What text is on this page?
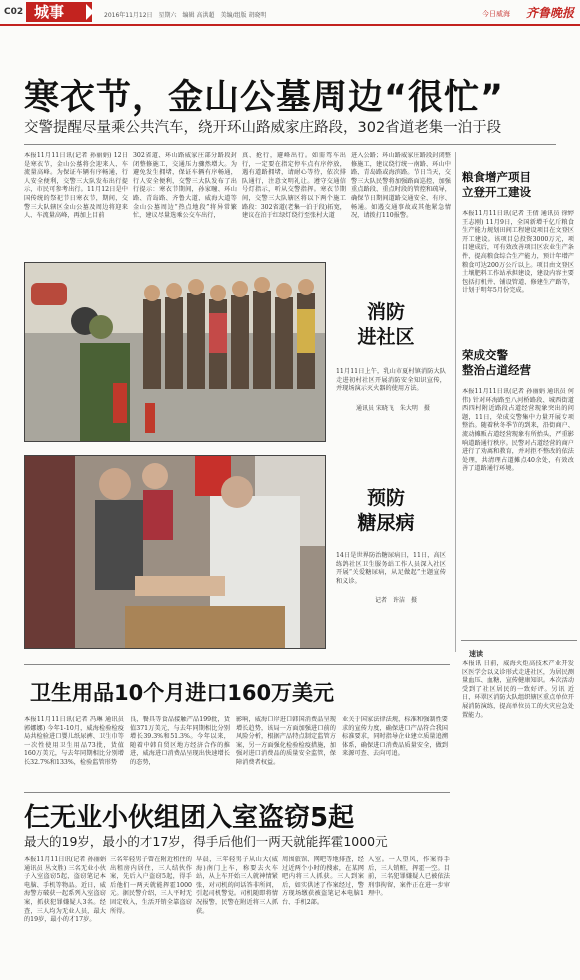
C02 城事	2016年11月12日　星期六　编辑 高洪超　美编/组版 胡晓明	今日威海 齐鲁晚报
寒衣节，金山公墓周边“很忙”
交警提醒尽量乘公共汽车，绕开环山路威家庄路段，302省道老集一泊于段
本报11月11日讯(记者 孙丽娟) 12日是寒衣节，金山公墓将会迎来人、车流量高峰。为保证车辆有序畅通，行人安全便利，交警三大队发布出行提示，市民可参考出行。11月12日是中国传统的祭祀节日寒衣节，期间，交警三大队辖区金山公墓及周边将迎来人、车流量高峰，再加上目前
302省道、环山路威家庄部分路段封闭整修施工，交通压力骤然增大。为避免发生拥堵，保证车辆有序畅通，行人安全便利，交警三大队发布了出行提示：寒衣节期间，孙家疃、环山路、青岛路、齐鲁大道、威海大道等金山公墓周边“热点地段”将异常繁忙，建议尽量选乘公交车出行，
真、抢行，避峰出行。如需驾车出行，一定要在指定停车点有序停放，遇有道路拥堵，请耐心等待，依次排队通行，注意文明礼让。遵守交通信号灯指示，听从交警指挥。寒衣节期间，交警三大队辖区将以下两个施工路段：302省道(老集一泊于段)拓宽，建议在泊于红绿灯绕行至张村大道
进入公路；环山路威家庄路段封闭整修施工，建议绕行统一南路、环山中路、青岛路或海滨路。节日当天，交警三大队民警将加强路面巡控，加强重点路段、重点时段的管控和疏导，确保节日期间道路交通安全、有序、畅通。如遇交通事故或其他紧急情况，请拨打110报警。
消防
进社区
11月11日上午，乳山市夏村镇消防大队走进初村社区开展消防安全知识宣传，并现场演示灭火器的使用方法。
通讯员 宋晓飞　朱大明　摄
预防
糖尿病
14日是世界防治糖尿病日，11日，高区练鸽社区卫生服务站工作人员深入社区开展“关爱糖尿病，从足做起”主题宣传和义诊。
记者　许洁　摄
粮食增产项目
立登开工建设
本报11月11日讯(记者 王倩 通讯员 徐婷 王志刚) 11月9日，全国新增千亿斤粮食生产能力规划田间工程建设项目在文登区开工建设。该项目总投资3000万元，项目建成后，可有效改善项目区农业生产条件，提高粮食综合生产能力，预计年增产粮食可达200万公斤以上。项目由文登区土壤肥料工作站承担建设，建设内容主要包括打机井、铺设管道、修建生产路等，计划于明年5月份完成。
荣成交警
整治占道经营
本报11月11日讯(记者 孙丽娟 通讯员 何伟) 针对环海路至八河桥路段、城西街道西四村附近路段占道经营现象突出的问题，11日，荣成交警集中力量开展专项整治。随着秋冬季节的到来，沿街商户、流动摊贩占道经营现象有所抬头，严重影响道路通行秩序。民警对占道经营的商户进行了劝离和教育，并对拒不整改的依法处理，共清理占道摊点40余处，有效改善了道路通行环境。
速读
本报讯 日前，威海火炬高技术产业开发区医学会以义诊形式走进社区，为居民测量血压、血糖，宣传健康知识。本次活动受到了社区居民的一致好评。另讯 近日，环翠区消防大队组织辖区重点单位开展消防演练，提高单位员工的火灾应急处置能力。
卫生用品10个月进口160万美元
本报11月11日讯(记者 冯琳 通讯员 郭娜娜) 今年1-10月，威海检验检疫局共检验进口婴儿纸尿裤、卫生巾等一次性使用卫生用品73批，货值160万美元，与去年同期相比分别增长32.7%和133%，检验监管形势
良，餐具等食品接触产品199批，货值371万美元，与去年同期相比分别增长39.3%和51.3%。今年以来，随着中韩自贸区地方经济合作的推进，威海进口消费品呈现出快速增长的态势，
影响，威海口岸进口韩国消费品呈现增长趋势，该局一方面加强进口前的风险分析，根据产品特点制定监管方案，另一方面强化检验检疫措施，加强对进口消费品的质量安全监管，保障消费者权益。
业关于国家法律法规，标准和强制性要求的宣传力度，确保进口产品符合我国标准要求，同时指导企业建立质量追溯体系，确保进口消费品质量安全，做到来源可查、去向可追。
仨无业小伙组团入室盗窃5起
最大的19岁，最小的才17岁，得手后他们一两天就能挥霍1000元
本报11月11日讯(记者 孙丽娟 通讯员 丛文胜) 三名无业小伙子入室盗窃5起，盗窃笔记本电脑、手机等物品。近日，威海警方破获一起系列入室盗窃案，抓获犯罪嫌疑人3名。经查，三人均为无业人员，最大的19岁，最小的才17岁。
三名年轻男子曾在附近租住的出租房内居住，三人结伙作案，先后入户盗窃5起，得手后他们一两天就能挥霍1000元。据民警介绍，三人平时无固定收入，生活开销全靠盗窃所得。
早晨，三年轻男子从山大(威海)南门上车，称要去火车站，从上车开始三人就神情紧张，对司机的问话答非所问，引起司机警觉。司机随即将情况报警，民警在附近将三人抓获。
周围旅馆、网吧等地排查，经过近两个小时的搜索，在某网吧内将三人抓获。三人到案后，如实供述了作案经过，警方现场缴获被盗笔记本电脑1台、手机2部。
入室。一人望风，作案得手后，三人销赃，挥霍一空。目前，三名犯罪嫌疑人已被依法刑事拘留，案件正在进一步审理中。
